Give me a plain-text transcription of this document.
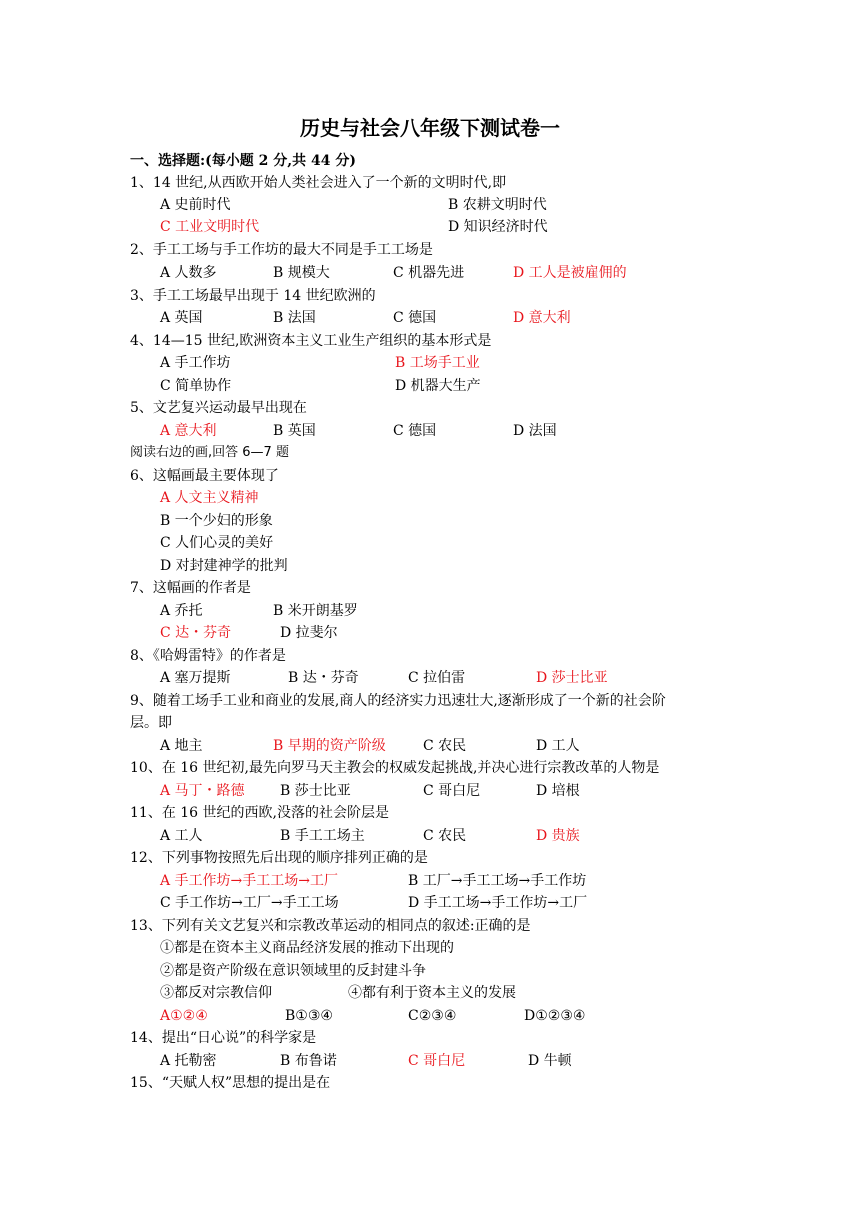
历史与社会八年级下测试卷一
一、选择题:(每小题 2 分,共 44 分)
1、14 世纪,从西欧开始人类社会进入了一个新的文明时代,即
A 史前时代	B 农耕文明时代
C 工业文明时代	D 知识经济时代
2、手工工场与手工作坊的最大不同是手工工场是
A 人数多	B 规模大	C 机器先进	D 工人是被雇佣的
3、手工工场最早出现于 14 世纪欧洲的
A 英国	B 法国	C 德国	D 意大利
4、14—15 世纪,欧洲资本主义工业生产组织的基本形式是
A 手工作坊	B 工场手工业
C 简单协作	D 机器大生产
5、文艺复兴运动最早出现在
A 意大利	B 英国	C 德国	D 法国
阅读右边的画,回答 6—7 题
6、这幅画最主要体现了
A 人文主义精神
B 一个少妇的形象
C 人们心灵的美好
D 对封建神学的批判
7、这幅画的作者是
A 乔托	B 米开朗基罗
C 达・芬奇	D 拉斐尔
8、《哈姆雷特》的作者是
A 塞万提斯	B 达・芬奇	C 拉伯雷	D 莎士比亚
9、随着工场手工业和商业的发展,商人的经济实力迅速壮大,逐渐形成了一个新的社会阶
层。即
A 地主	B 早期的资产阶级	C 农民	D 工人
10、在 16 世纪初,最先向罗马天主教会的权威发起挑战,并决心进行宗教改革的人物是
A 马丁・路德	B 莎士比亚	C 哥白尼	D 培根
11、在 16 世纪的西欧,没落的社会阶层是
A 工人	B 手工工场主	C 农民	D 贵族
12、下列事物按照先后出现的顺序排列正确的是
A 手工作坊→手工工场→工厂	B 工厂→手工工场→手工作坊
C 手工作坊→工厂→手工工场	D 手工工场→手工作坊→工厂
13、下列有关文艺复兴和宗教改革运动的相同点的叙述:正确的是
①都是在资本主义商品经济发展的推动下出现的
②都是资产阶级在意识领域里的反封建斗争
③都反对宗教信仰	④都有利于资本主义的发展
A①②④	B①③④	C②③④	D①②③④
14、提出“日心说”的科学家是
A 托勒密	B 布鲁诺	C 哥白尼	D 牛顿
15、“天赋人权”思想的提出是在
